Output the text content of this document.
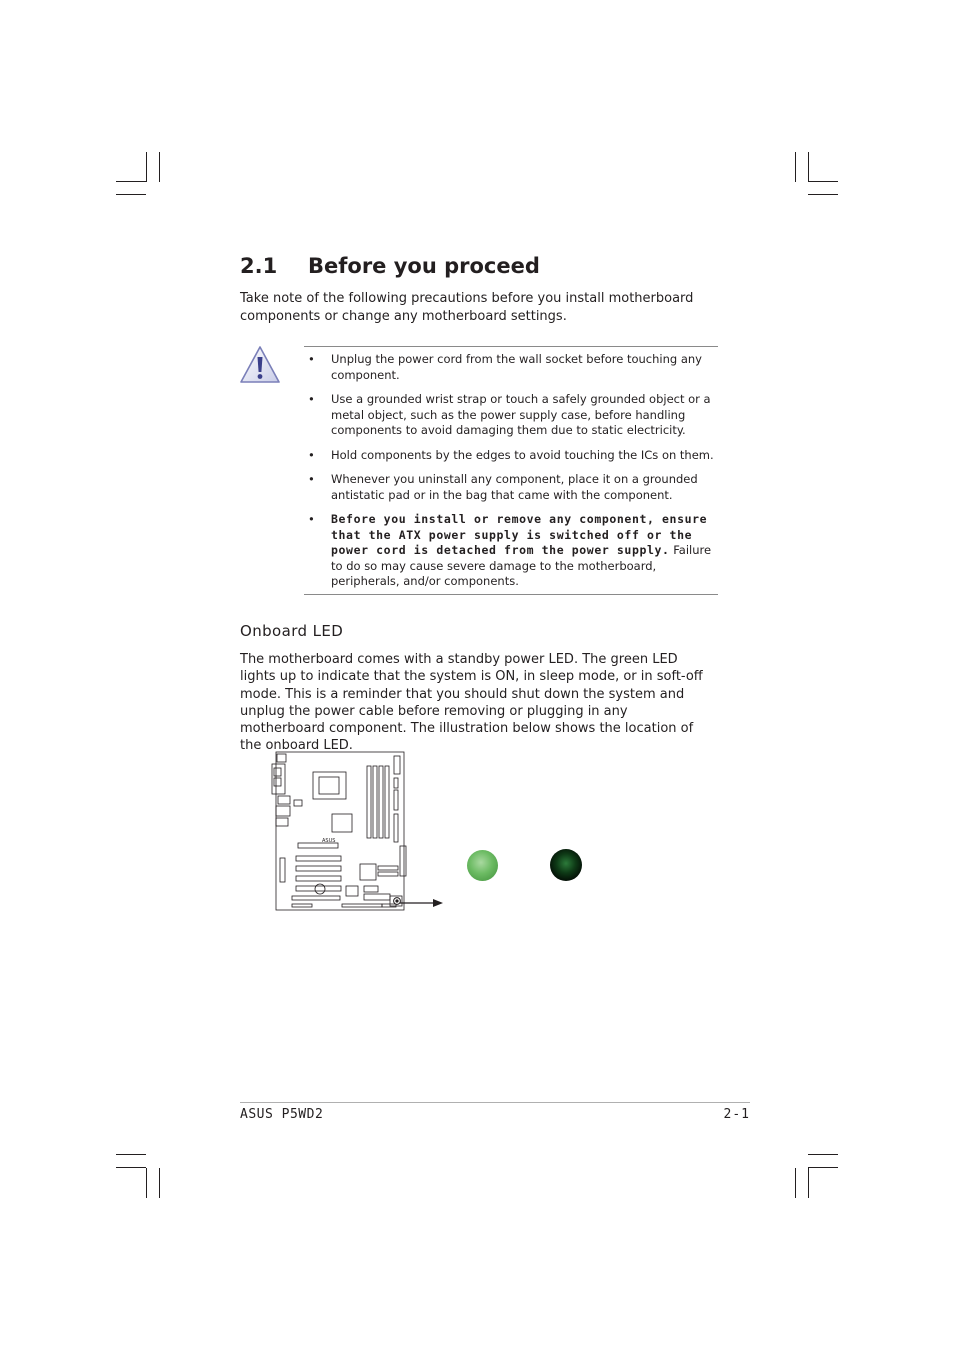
2.1 Before you proceed

Take note of the following precautions before you install motherboard components or change any motherboard settings.

• Unplug the power cord from the wall socket before touching any component.
• Use a grounded wrist strap or touch a safely grounded object or a metal object, such as the power supply case, before handling components to avoid damaging them due to static electricity.
• Hold components by the edges to avoid touching the ICs on them.
• Whenever you uninstall any component, place it on a grounded antistatic pad or in the bag that came with the component.
• Before you install or remove any component, ensure that the ATX power supply is switched off or the power cord is detached from the power supply. Failure to do so may cause severe damage to the motherboard, peripherals, and/or components.
Onboard LED

The motherboard comes with a standby power LED. The green LED lights up to indicate that the system is ON, in sleep mode, or in soft-off mode. This is a reminder that you should shut down the system and unplug the power cable before removing or plugging in any motherboard component. The illustration below shows the location of the onboard LED.

ASUS
ASUS P5WD2	2-1
